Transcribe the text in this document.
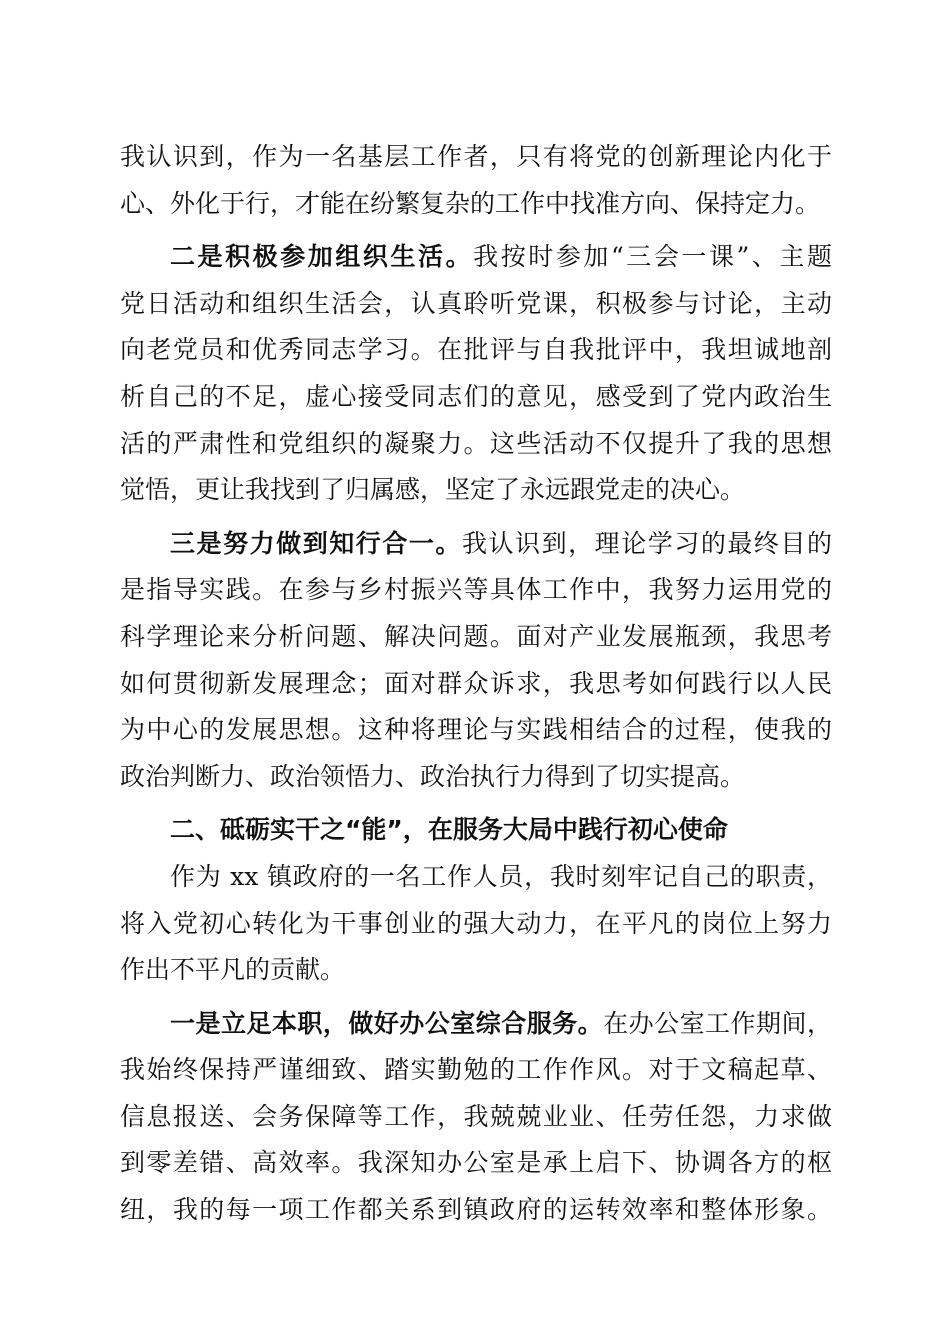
我认识到，作为一名基层工作者，只有将党的创新理论内化于
心、外化于行，才能在纷繁复杂的工作中找准方向、保持定力。
二是积极参加组织生活。我按时参加“三会一课”、主题
党日活动和组织生活会，认真聆听党课，积极参与讨论，主动
向老党员和优秀同志学习。在批评与自我批评中，我坦诚地剖
析自己的不足，虚心接受同志们的意见，感受到了党内政治生
活的严肃性和党组织的凝聚力。这些活动不仅提升了我的思想
觉悟，更让我找到了归属感，坚定了永远跟党走的决心。
三是努力做到知行合一。我认识到，理论学习的最终目的
是指导实践。在参与乡村振兴等具体工作中，我努力运用党的
科学理论来分析问题、解决问题。面对产业发展瓶颈，我思考
如何贯彻新发展理念；面对群众诉求，我思考如何践行以人民
为中心的发展思想。这种将理论与实践相结合的过程，使我的
政治判断力、政治领悟力、政治执行力得到了切实提高。
二、砥砺实干之“能”，在服务大局中践行初心使命
作为 xx 镇政府的一名工作人员，我时刻牢记自己的职责，
将入党初心转化为干事创业的强大动力，在平凡的岗位上努力
作出不平凡的贡献。
一是立足本职，做好办公室综合服务。在办公室工作期间，
我始终保持严谨细致、踏实勤勉的工作作风。对于文稿起草、
信息报送、会务保障等工作，我兢兢业业、任劳任怨，力求做
到零差错、高效率。我深知办公室是承上启下、协调各方的枢
纽，我的每一项工作都关系到镇政府的运转效率和整体形象。
